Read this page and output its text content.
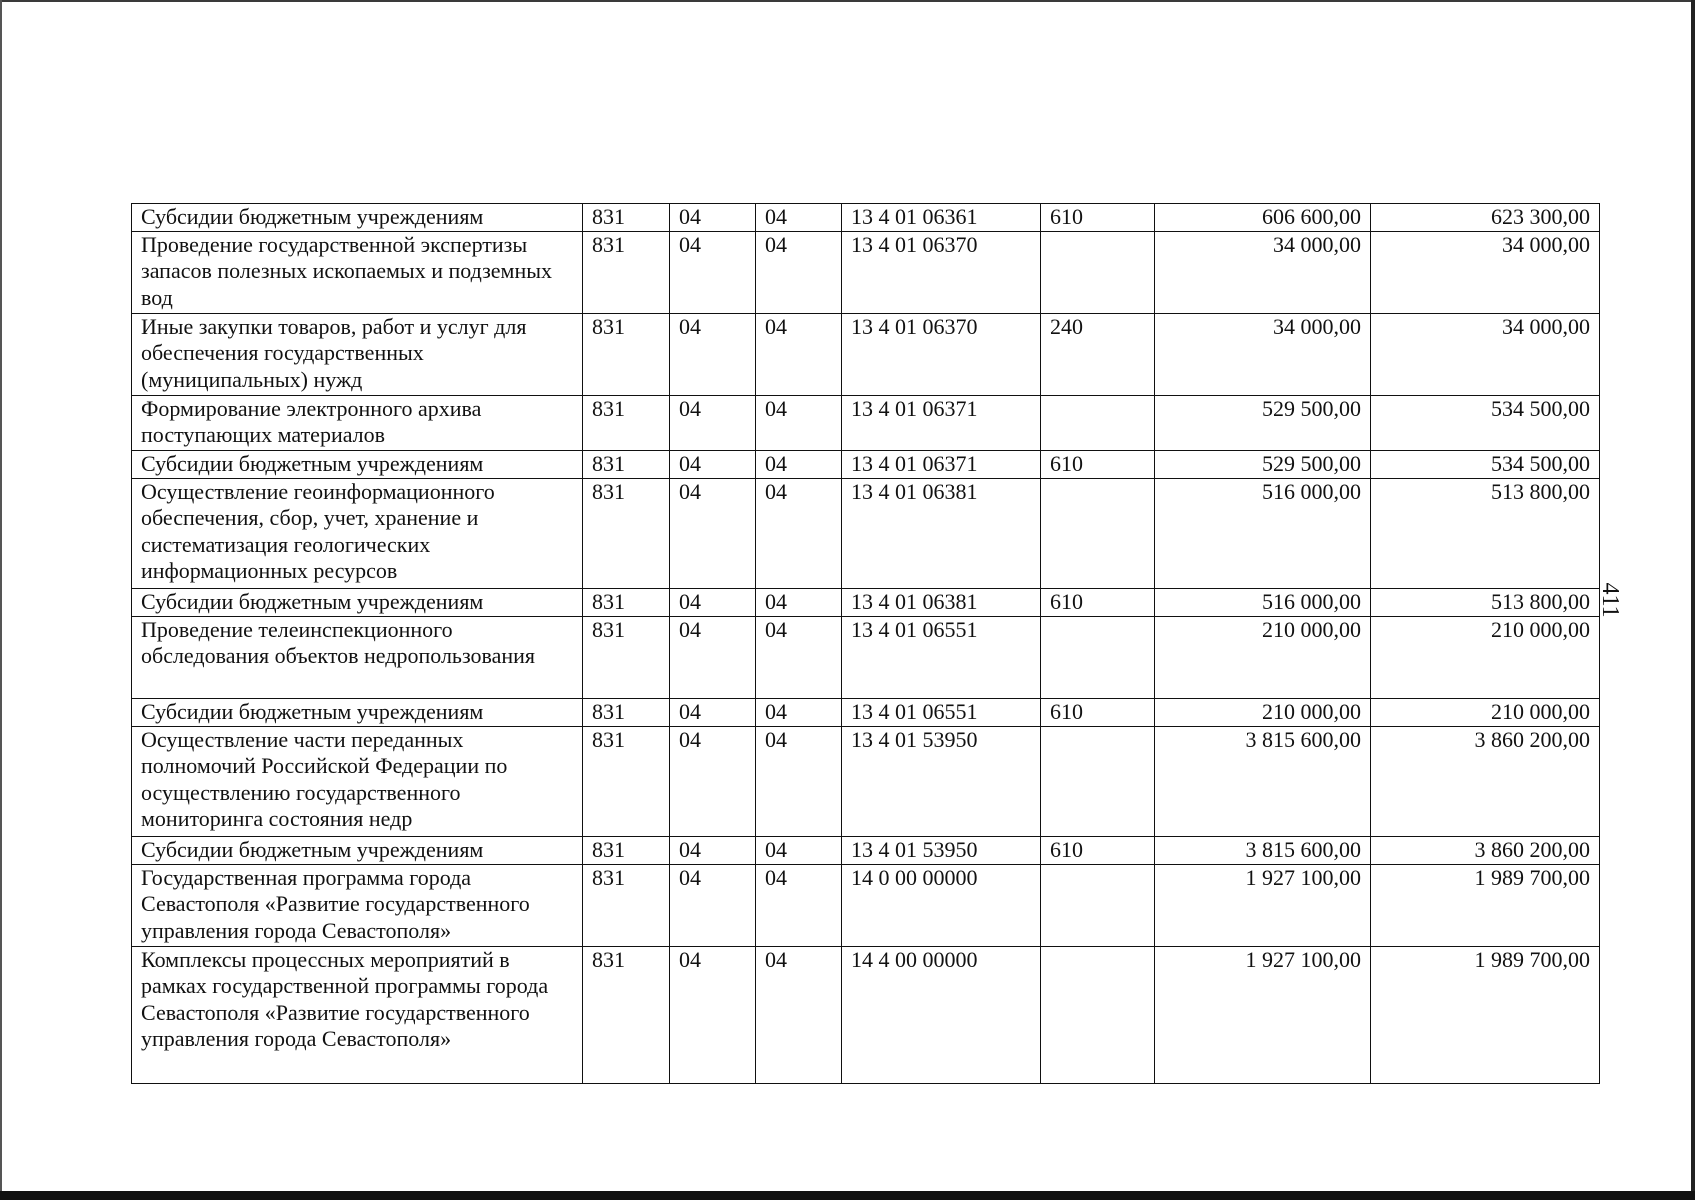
411
Субсидии бюджетным учреждениям	831	04	04	13 4 01 06361	610	606 600,00	623 300,00
Проведение государственной экспертизы запасов полезных ископаемых и подземных вод	831	04	04	13 4 01 06370		34 000,00	34 000,00
Иные закупки товаров, работ и услуг для обеспечения государственных (муниципальных) нужд	831	04	04	13 4 01 06370	240	34 000,00	34 000,00
Формирование электронного архива поступающих материалов	831	04	04	13 4 01 06371		529 500,00	534 500,00
Субсидии бюджетным учреждениям	831	04	04	13 4 01 06371	610	529 500,00	534 500,00
Осуществление геоинформационного обеспечения, сбор, учет, хранение и систематизация геологических информационных ресурсов	831	04	04	13 4 01 06381		516 000,00	513 800,00
Субсидии бюджетным учреждениям	831	04	04	13 4 01 06381	610	516 000,00	513 800,00
Проведение телеинспекционного обследования объектов недропользования	831	04	04	13 4 01 06551		210 000,00	210 000,00
Субсидии бюджетным учреждениям	831	04	04	13 4 01 06551	610	210 000,00	210 000,00
Осуществление части переданных полномочий Российской Федерации по осуществлению государственного мониторинга состояния недр	831	04	04	13 4 01 53950		3 815 600,00	3 860 200,00
Субсидии бюджетным учреждениям	831	04	04	13 4 01 53950	610	3 815 600,00	3 860 200,00
Государственная программа города Севастополя «Развитие государственного управления города Севастополя»	831	04	04	14 0 00 00000		1 927 100,00	1 989 700,00
Комплексы процессных мероприятий в рамках государственной программы города Севастополя «Развитие государственного управления города Севастополя»	831	04	04	14 4 00 00000		1 927 100,00	1 989 700,00
